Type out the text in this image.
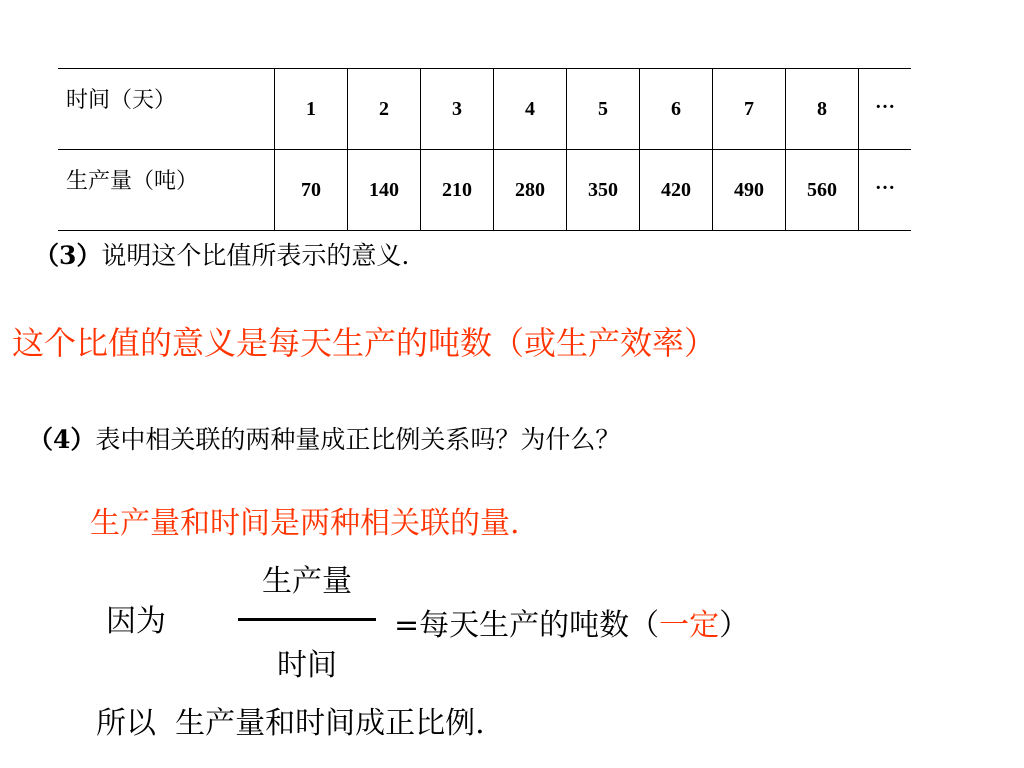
时间（天）	1	2	3	4	5	6	7	8	…
生产量（吨）	70	140	210	280	350	420	490	560	…
（3）说明这个比值所表示的意义.
这个比值的意义是每天生产的吨数（或生产效率）
（4）表中相关联的两种量成正比例关系吗？为什么？
生产量和时间是两种相关联的量.
因为
生产量
时间
=每天生产的吨数（一定）
所以 生产量和时间成正比例.
